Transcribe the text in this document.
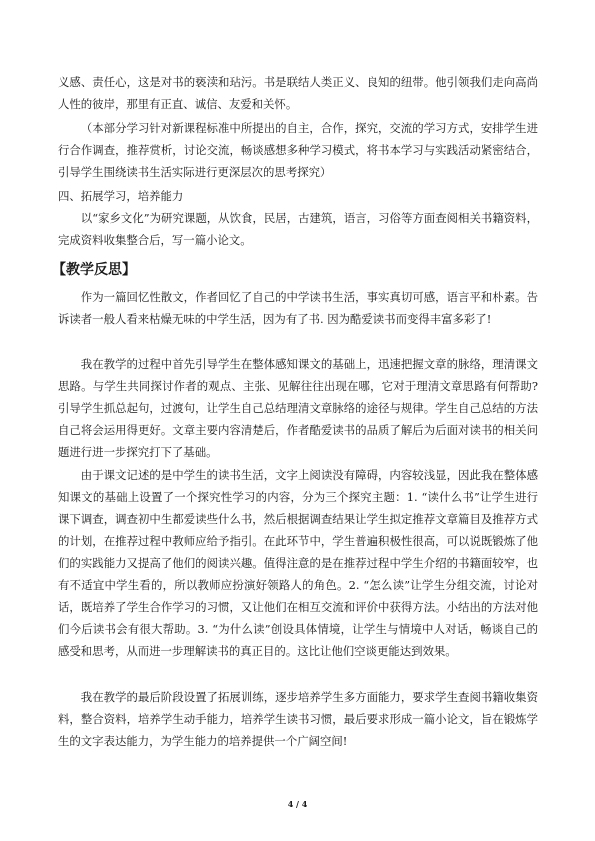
义感、责任心，这是对书的亵渎和玷污。书是联结人类正义、良知的纽带。他引领我们走向高尚人性的彼岸，那里有正直、诚信、友爱和关怀。

（本部分学习针对新课程标准中所提出的自主，合作，探究，交流的学习方式，安排学生进行合作调查，推荐赏析，讨论交流，畅谈感想多种学习模式，将书本学习与实践活动紧密结合，引导学生围绕读书生活实际进行更深层次的思考探究）

四、拓展学习，培养能力

以“家乡文化”为研究课题，从饮食，民居，古建筑，语言，习俗等方面查阅相关书籍资料，完成资料收集整合后，写一篇小论文。

【教学反思】

作为一篇回忆性散文，作者回忆了自己的中学读书生活，事实真切可感，语言平和朴素。告诉读者一般人看来枯燥无味的中学生活，因为有了书. 因为酷爱读书而变得丰富多彩了!

我在教学的过程中首先引导学生在整体感知课文的基础上，迅速把握文章的脉络，理清课文思路。与学生共同探讨作者的观点、主张、见解往往出现在哪，它对于理清文章思路有何帮助?引导学生抓总起句，过渡句，让学生自己总结理清文章脉络的途径与规律。学生自己总结的方法自己将会运用得更好。文章主要内容清楚后，作者酷爱读书的品质了解后为后面对读书的相关问题进行进一步探究打下了基础。

由于课文记述的是中学生的读书生活，文字上阅读没有障碍，内容较浅显，因此我在整体感知课文的基础上设置了一个探究性学习的内容，分为三个探究主题：1. “读什么书”让学生进行课下调查，调查初中生都爱读些什么书，然后根据调查结果让学生拟定推荐文章篇目及推荐方式的计划，在推荐过程中教师应给予指引。在此环节中，学生普遍积极性很高，可以说既锻炼了他们的实践能力又提高了他们的阅读兴趣。值得注意的是在推荐过程中学生介绍的书籍面较窄，也有不适宜中学生看的，所以教师应扮演好领路人的角色。2. “怎么读”让学生分组交流，讨论对话，既培养了学生合作学习的习惯，又让他们在相互交流和评价中获得方法。小结出的方法对他们今后读书会有很大帮助。3. “为什么读”创设具体情境，让学生与情境中人对话，畅谈自己的感受和思考，从而进一步理解读书的真正目的。这比让他们空谈更能达到效果。

我在教学的最后阶段设置了拓展训练，逐步培养学生多方面能力，要求学生查阅书籍收集资料，整合资料，培养学生动手能力，培养学生读书习惯，最后要求形成一篇小论文，旨在锻炼学生的文字表达能力，为学生能力的培养提供一个广阔空间!

4 / 4
